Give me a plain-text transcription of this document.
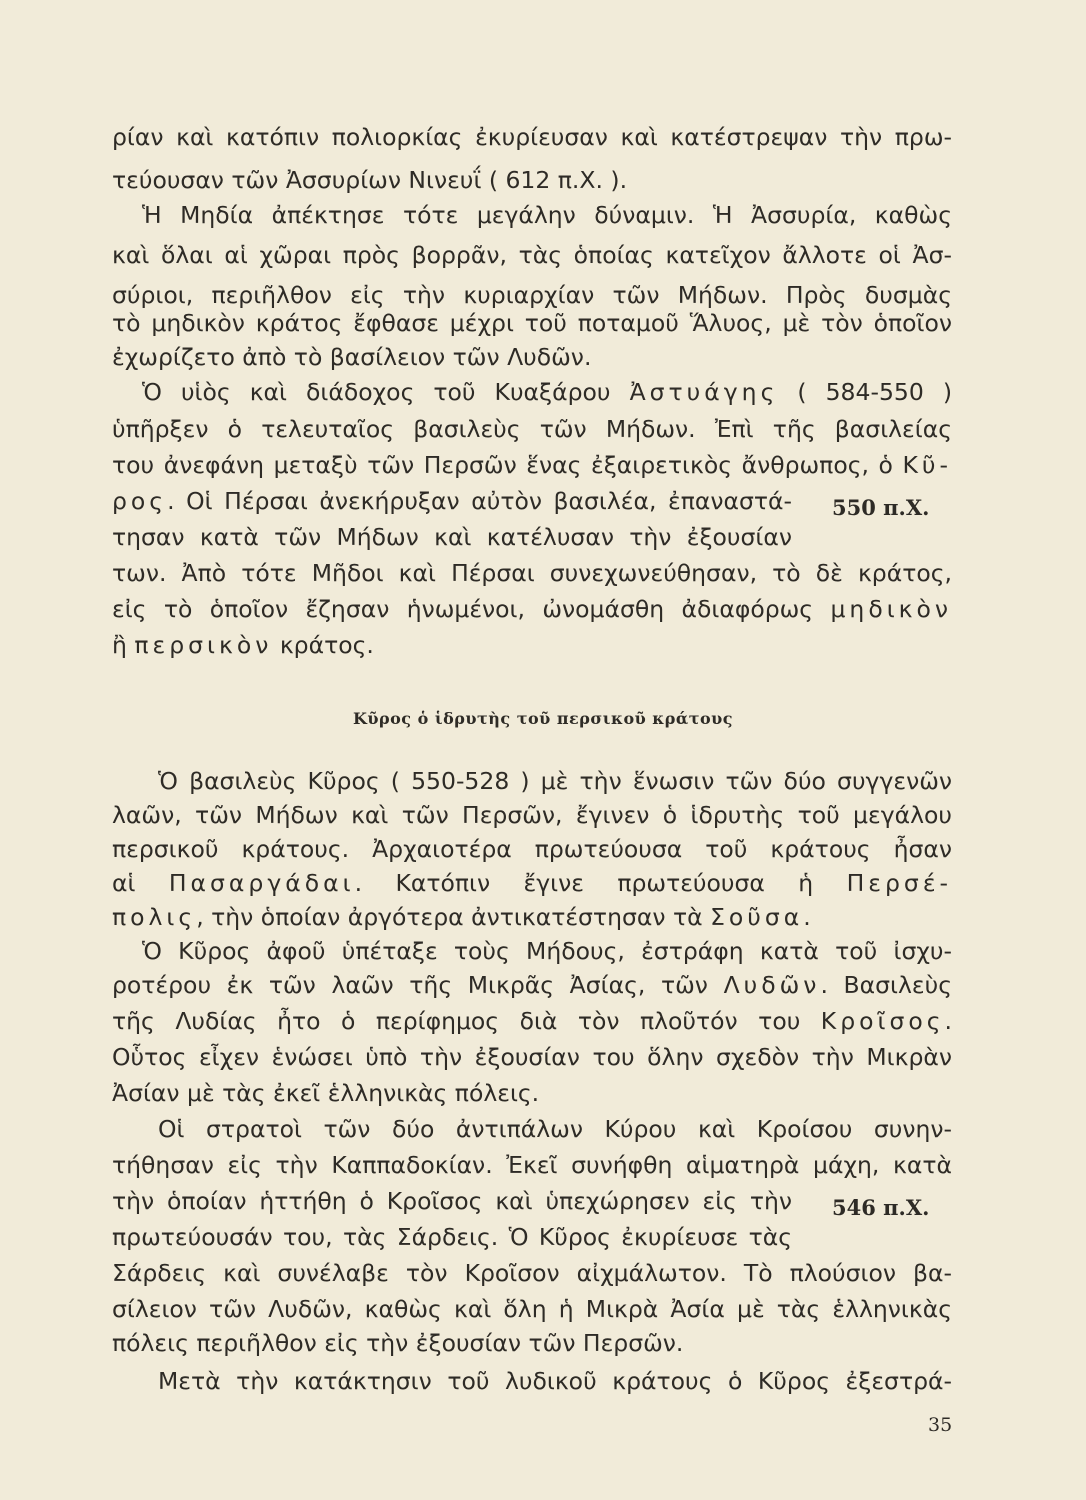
ρίαν καὶ κατόπιν πολιορκίας ἐκυρίευσαν καὶ κατέστρεψαν τὴν πρω-
τεύουσαν τῶν Ἀσσυρίων Νινευΐ ( 612 π.Χ. ).
Ἡ Μηδία ἀπέκτησε τότε μεγάλην δύναμιν. Ἡ Ἀσσυρία, καθὼς
καὶ ὅλαι αἱ χῶραι πρὸς βορρᾶν, τὰς ὁποίας κατεῖχον ἄλλοτε οἱ Ἀσ-
σύριοι, περιῆλθον εἰς τὴν κυριαρχίαν τῶν Μήδων. Πρὸς δυσμὰς
τὸ μηδικὸν κράτος ἔφθασε μέχρι τοῦ ποταμοῦ Ἅλυος, μὲ τὸν ὁποῖον
ἐχωρίζετο ἀπὸ τὸ βασίλειον τῶν Λυδῶν.
Ὁ υἱὸς καὶ διάδοχος τοῦ Κυαξάρου Ἀστυάγης ( 584-550 )
ὑπῆρξεν ὁ τελευταῖος βασιλεὺς τῶν Μήδων. Ἐπὶ τῆς βασιλείας
του ἀνεφάνη μεταξὺ τῶν Περσῶν ἕνας ἐξαιρετικὸς ἄνθρωπος, ὁ Κῦ-
ρος. Οἱ Πέρσαι ἀνεκήρυξαν αὐτὸν βασιλέα, ἐπαναστά-
τησαν κατὰ τῶν Μήδων καὶ κατέλυσαν τὴν ἐξουσίαν
των. Ἀπὸ τότε Μῆδοι καὶ Πέρσαι συνεχωνεύθησαν, τὸ δὲ κράτος,
εἰς τὸ ὁποῖον ἔζησαν ἡνωμένοι, ὠνομάσθη ἀδιαφόρως μηδικὸν
ἢ περσικὸν κράτος.
550 π.Χ.
546 π.Χ.
Κῦρος ὁ ἱδρυτὴς τοῦ περσικοῦ κράτους
Ὁ βασιλεὺς Κῦρος ( 550-528 ) μὲ τὴν ἕνωσιν τῶν δύο συγγενῶν
λαῶν, τῶν Μήδων καὶ τῶν Περσῶν, ἔγινεν ὁ ἱδρυτὴς τοῦ μεγάλου
περσικοῦ κράτους. Ἀρχαιοτέρα πρωτεύουσα τοῦ κράτους ἦσαν
αἱ Πασαργάδαι. Κατόπιν ἔγινε πρωτεύουσα ἡ Περσέ-
πολις, τὴν ὁποίαν ἀργότερα ἀντικατέστησαν τὰ Σοῦσα.
Ὁ Κῦρος ἀφοῦ ὑπέταξε τοὺς Μήδους, ἐστράφη κατὰ τοῦ ἰσχυ-
ροτέρου ἐκ τῶν λαῶν τῆς Μικρᾶς Ἀσίας, τῶν Λυδῶν. Βασιλεὺς
τῆς Λυδίας ἦτο ὁ περίφημος διὰ τὸν πλοῦτόν του Κροῖσος.
Οὗτος εἶχεν ἑνώσει ὑπὸ τὴν ἐξουσίαν του ὅλην σχεδὸν τὴν Μικρὰν
Ἀσίαν μὲ τὰς ἐκεῖ ἑλληνικὰς πόλεις.
Οἱ στρατοὶ τῶν δύο ἀντιπάλων Κύρου καὶ Κροίσου συνην-
τήθησαν εἰς τὴν Καππαδοκίαν. Ἐκεῖ συνήφθη αἱματηρὰ μάχη, κατὰ
τὴν ὁποίαν ἡττήθη ὁ Κροῖσος καὶ ὑπεχώρησεν εἰς τὴν
πρωτεύουσάν του, τὰς Σάρδεις. Ὁ Κῦρος ἐκυρίευσε τὰς
Σάρδεις καὶ συνέλαβε τὸν Κροῖσον αἰχμάλωτον. Τὸ πλούσιον βα-
σίλειον τῶν Λυδῶν, καθὼς καὶ ὅλη ἡ Μικρὰ Ἀσία μὲ τὰς ἑλληνικὰς
πόλεις περιῆλθον εἰς τὴν ἐξουσίαν τῶν Περσῶν.
Μετὰ τὴν κατάκτησιν τοῦ λυδικοῦ κράτους ὁ Κῦρος ἐξεστρά-
35
